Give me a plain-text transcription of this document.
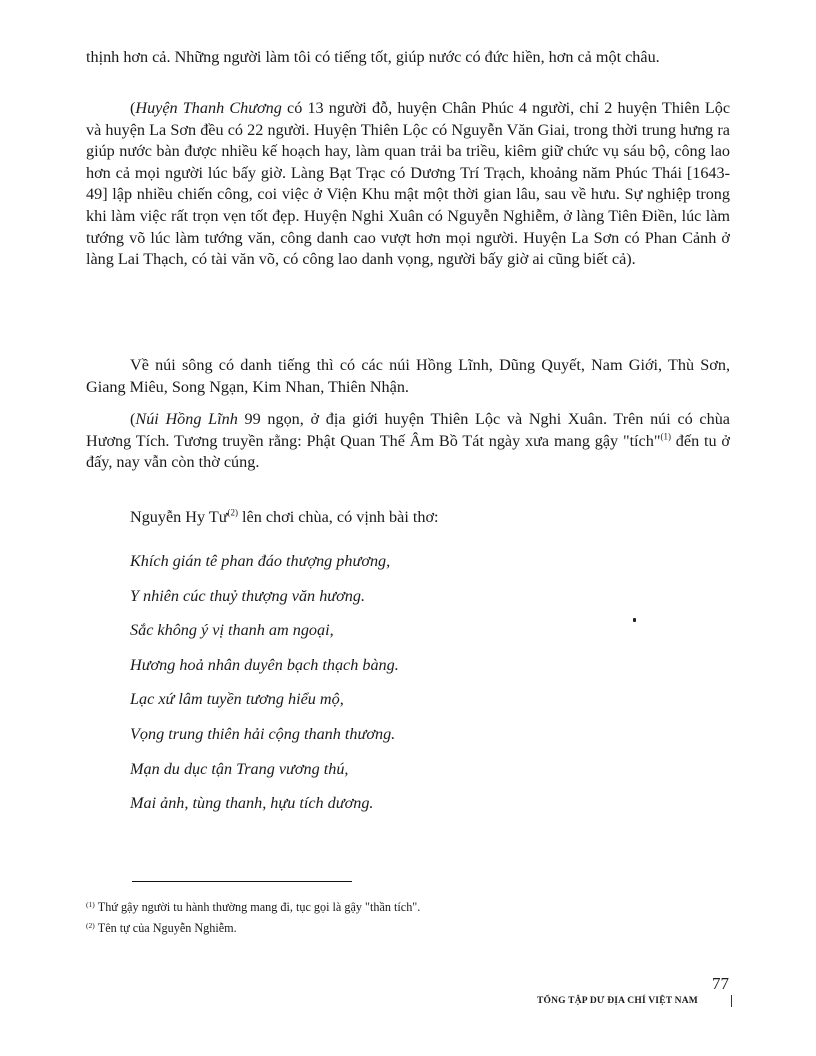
thịnh hơn cả. Những người làm tôi có tiếng tốt, giúp nước có đức hiền, hơn cả một châu.

(Huyện Thanh Chương có 13 người đỗ, huyện Chân Phúc 4 người, chỉ 2 huyện Thiên Lộc và huyện La Sơn đều có 22 người. Huyện Thiên Lộc có Nguyễn Văn Giai, trong thời trung hưng ra giúp nước bàn được nhiều kế hoạch hay, làm quan trải ba triều, kiêm giữ chức vụ sáu bộ, công lao hơn cả mọi người lúc bấy giờ. Làng Bạt Trạc có Dương Trí Trạch, khoảng năm Phúc Thái [1643-49] lập nhiều chiến công, coi việc ở Viện Khu mật một thời gian lâu, sau về hưu. Sự nghiệp trong khi làm việc rất trọn vẹn tốt đẹp. Huyện Nghi Xuân có Nguyễn Nghiễm, ở làng Tiên Điền, lúc làm tướng võ lúc làm tướng văn, công danh cao vượt hơn mọi người. Huyện La Sơn có Phan Cảnh ở làng Lai Thạch, có tài văn võ, có công lao danh vọng, người bấy giờ ai cũng biết cả).

Về núi sông có danh tiếng thì có các núi Hồng Lĩnh, Dũng Quyết, Nam Giới, Thù Sơn, Giang Miêu, Song Ngạn, Kim Nhan, Thiên Nhận.

(Núi Hồng Lĩnh 99 ngọn, ở địa giới huyện Thiên Lộc và Nghi Xuân. Trên núi có chùa Hương Tích. Tương truyền rằng: Phật Quan Thế Âm Bồ Tát ngày xưa mang gậy "tích"$^{(1)}$ đến tu ở đấy, nay vẫn còn thờ cúng.

Nguyễn Hy $Tư^{(2)}$ lên chơi chùa, có vịnh bài thơ:

Khích gián tê phan đáo thượng phương,
Y nhiên cúc thuỷ thượng văn hương.
Sắc không ý vị thanh am ngoại,
Hương hoả nhân duyên bạch thạch bàng.
Lạc xứ lâm tuyền tương hiểu mộ,
Vọng trung thiên hải cộng thanh thương.
Mạn du dục tận Trang vương thú,
Mai ảnh, tùng thanh, hựu tích dương.

$^{(1)}$ Thứ gậy người tu hành thường mang đi, tục gọi là gậy "thần tích".

$^{(2)}$ Tên tự của Nguyễn Nghiễm.

77
TỔNG TẬP DƯ ĐỊA CHÍ VIỆT NAM
